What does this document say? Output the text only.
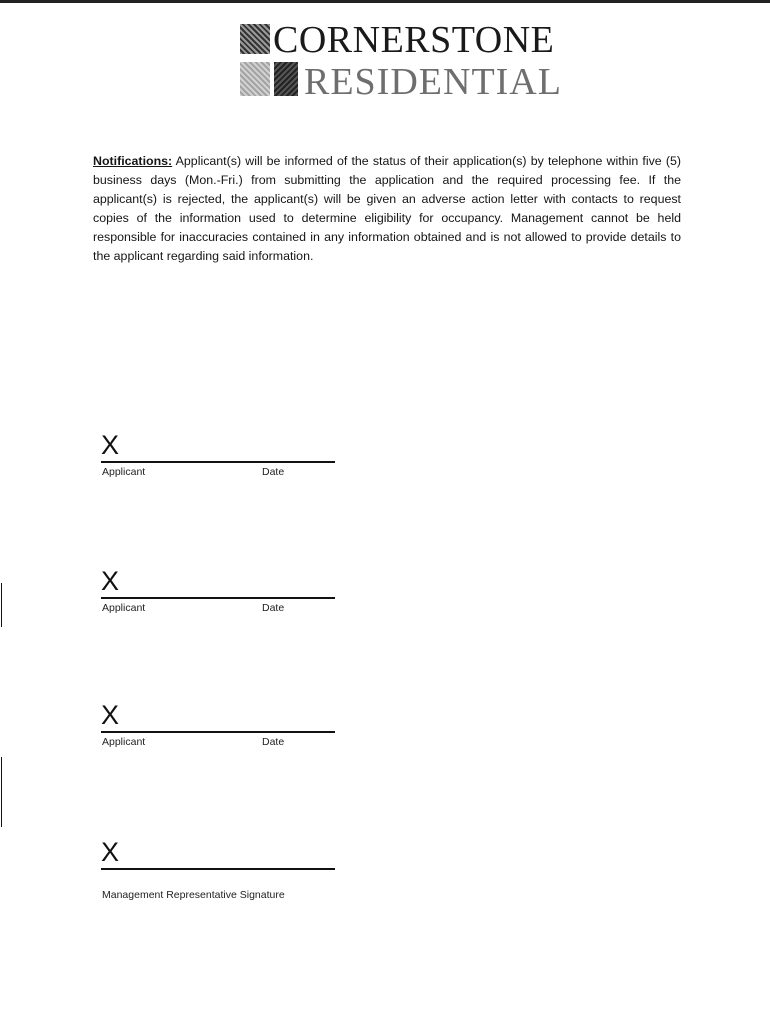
CORNERSTONE
RESIDENTIAL
Notifications: Applicant(s) will be informed of the status of their application(s) by telephone within five (5) business days (Mon.-Fri.) from submitting the application and the required processing fee. If the applicant(s) is rejected, the applicant(s) will be given an adverse action letter with contacts to request copies of the information used to determine eligibility for occupancy. Management cannot be held responsible for inaccuracies contained in any information obtained and is not allowed to provide details to the applicant regarding said information.
X
Applicant	Date
X
Applicant	Date
X
Applicant	Date
X
Management Representative Signature
